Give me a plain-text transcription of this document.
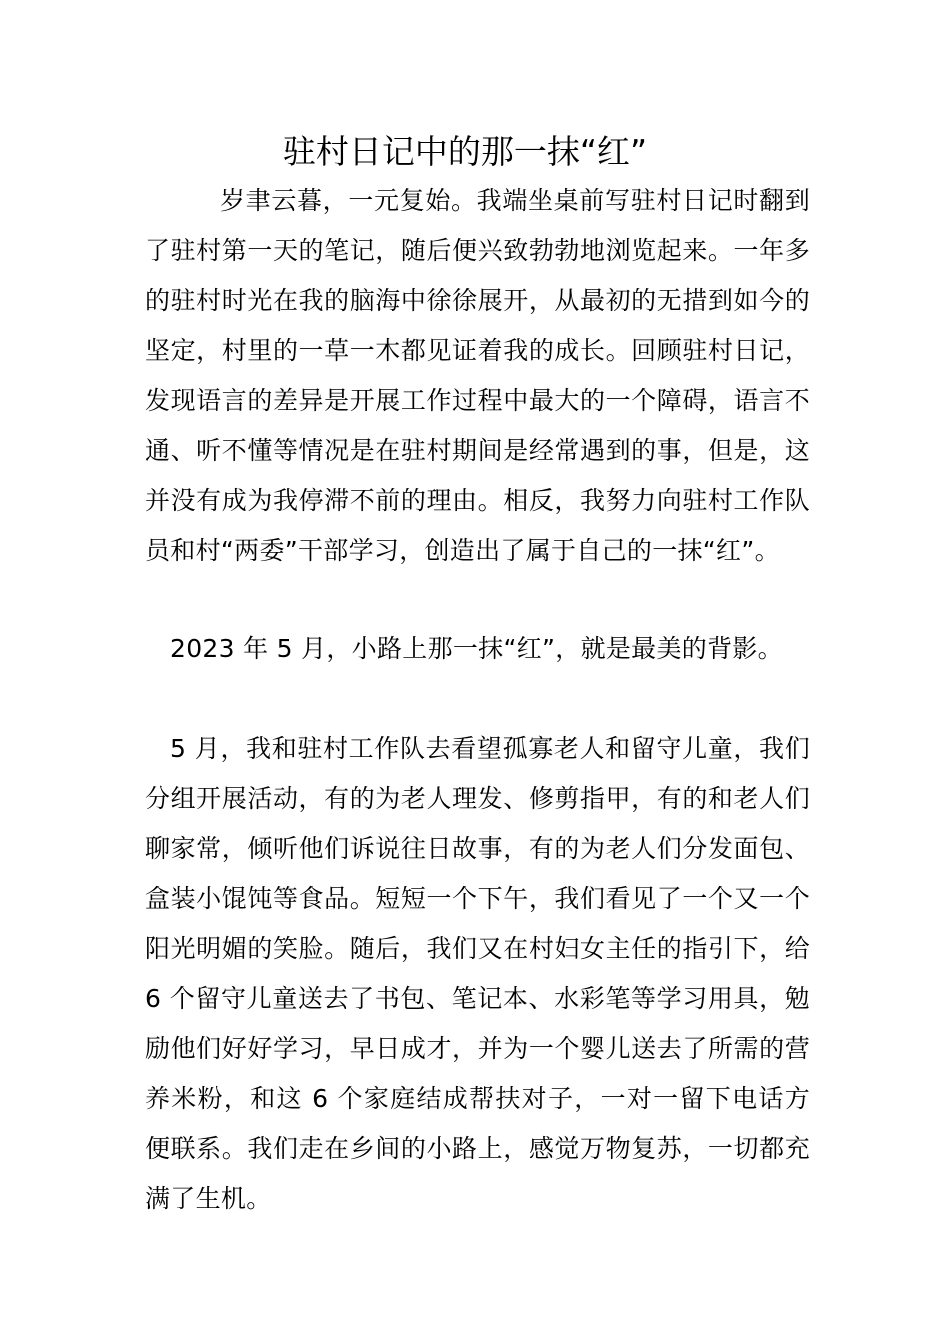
驻村日记中的那一抹“红”

岁聿云暮，一元复始。我端坐桌前写驻村日记时翻到了驻村第一天的笔记，随后便兴致勃勃地浏览起来。一年多的驻村时光在我的脑海中徐徐展开，从最初的无措到如今的坚定，村里的一草一木都见证着我的成长。回顾驻村日记，发现语言的差异是开展工作过程中最大的一个障碍，语言不通、听不懂等情况是在驻村期间是经常遇到的事，但是，这并没有成为我停滞不前的理由。相反，我努力向驻村工作队员和村“两委”干部学习，创造出了属于自己的一抹“红”。

2023 年 5 月，小路上那一抹“红”，就是最美的背影。

5 月，我和驻村工作队去看望孤寡老人和留守儿童，我们分组开展活动，有的为老人理发、修剪指甲，有的和老人们聊家常，倾听他们诉说往日故事，有的为老人们分发面包、盒装小馄饨等食品。短短一个下午，我们看见了一个又一个阳光明媚的笑脸。随后，我们又在村妇女主任的指引下，给 6 个留守儿童送去了书包、笔记本、水彩笔等学习用具，勉励他们好好学习，早日成才，并为一个婴儿送去了所需的营养米粉，和这 6 个家庭结成帮扶对子，一对一留下电话方便联系。我们走在乡间的小路上，感觉万物复苏，一切都充满了生机。
